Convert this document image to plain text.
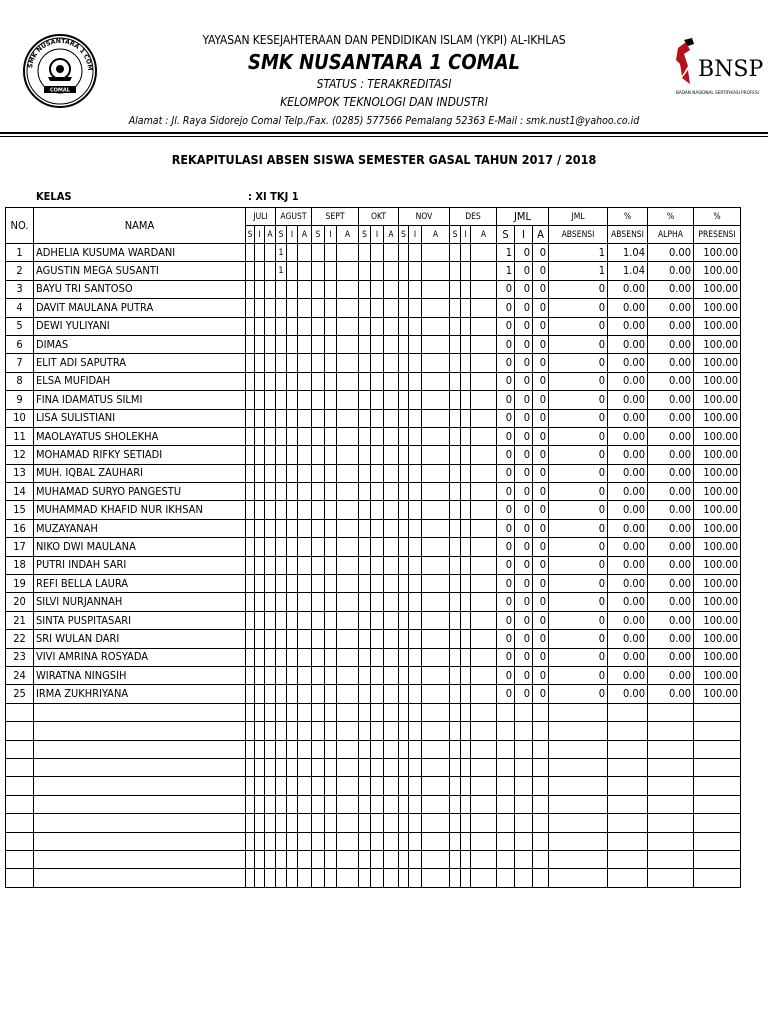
SMK NUSANTARA 1 COM
COMAL
BNSP
BADAN NASIONAL SERTIFIKASI PROFESI
YAYASAN KESEJAHTERAAN DAN PENDIDIKAN ISLAM (YKPI) AL-IKHLAS
SMK NUSANTARA 1 COMAL
STATUS : TERAKREDITASI
KELOMPOK TEKNOLOGI DAN INDUSTRI
Alamat : Jl. Raya Sidorejo Comal Telp./Fax. (0285) 577566 Pemalang 52363 E-Mail : smk.nust1@yahoo.co.id
REKAPITULASI ABSEN SISWA SEMESTER GASAL TAHUN 2017 / 2018
KELAS	: XI TKJ 1
NO.	NAMA	JULI			AGUST			SEPT			OKT			NOV			DES			JML			JML	%	%	%
		S	I	A	S	I	A	S	I	A	S	I	A	S	I	A	S	I	A	S	I	A	ABSENSI	ABSENSI	ALPHA	PRESENSI
1	ADHELIA KUSUMA WARDANI				1															1	0	0	1	1.04	0.00	100.00
2	AGUSTIN MEGA SUSANTI				1															1	0	0	1	1.04	0.00	100.00
3	BAYU TRI SANTOSO																			0	0	0	0	0.00	0.00	100.00
4	DAVIT MAULANA PUTRA																			0	0	0	0	0.00	0.00	100.00
5	DEWI YULIYANI																			0	0	0	0	0.00	0.00	100.00
6	DIMAS																			0	0	0	0	0.00	0.00	100.00
7	ELIT ADI SAPUTRA																			0	0	0	0	0.00	0.00	100.00
8	ELSA MUFIDAH																			0	0	0	0	0.00	0.00	100.00
9	FINA IDAMATUS SILMI																			0	0	0	0	0.00	0.00	100.00
10	LISA SULISTIANI																			0	0	0	0	0.00	0.00	100.00
11	MAOLAYATUS SHOLEKHA																			0	0	0	0	0.00	0.00	100.00
12	MOHAMAD RIFKY SETIADI																			0	0	0	0	0.00	0.00	100.00
13	MUH. IQBAL ZAUHARI																			0	0	0	0	0.00	0.00	100.00
14	MUHAMAD SURYO PANGESTU																			0	0	0	0	0.00	0.00	100.00
15	MUHAMMAD KHAFID NUR IKHSAN																			0	0	0	0	0.00	0.00	100.00
16	MUZAYANAH																			0	0	0	0	0.00	0.00	100.00
17	NIKO DWI MAULANA																			0	0	0	0	0.00	0.00	100.00
18	PUTRI INDAH SARI																			0	0	0	0	0.00	0.00	100.00
19	REFI BELLA LAURA																			0	0	0	0	0.00	0.00	100.00
20	SILVI NURJANNAH																			0	0	0	0	0.00	0.00	100.00
21	SINTA PUSPITASARI																			0	0	0	0	0.00	0.00	100.00
22	SRI WULAN DARI																			0	0	0	0	0.00	0.00	100.00
23	VIVI AMRINA ROSYADA																			0	0	0	0	0.00	0.00	100.00
24	WIRATNA NINGSIH																			0	0	0	0	0.00	0.00	100.00
25	IRMA ZUKHRIYANA																			0	0	0	0	0.00	0.00	100.00
